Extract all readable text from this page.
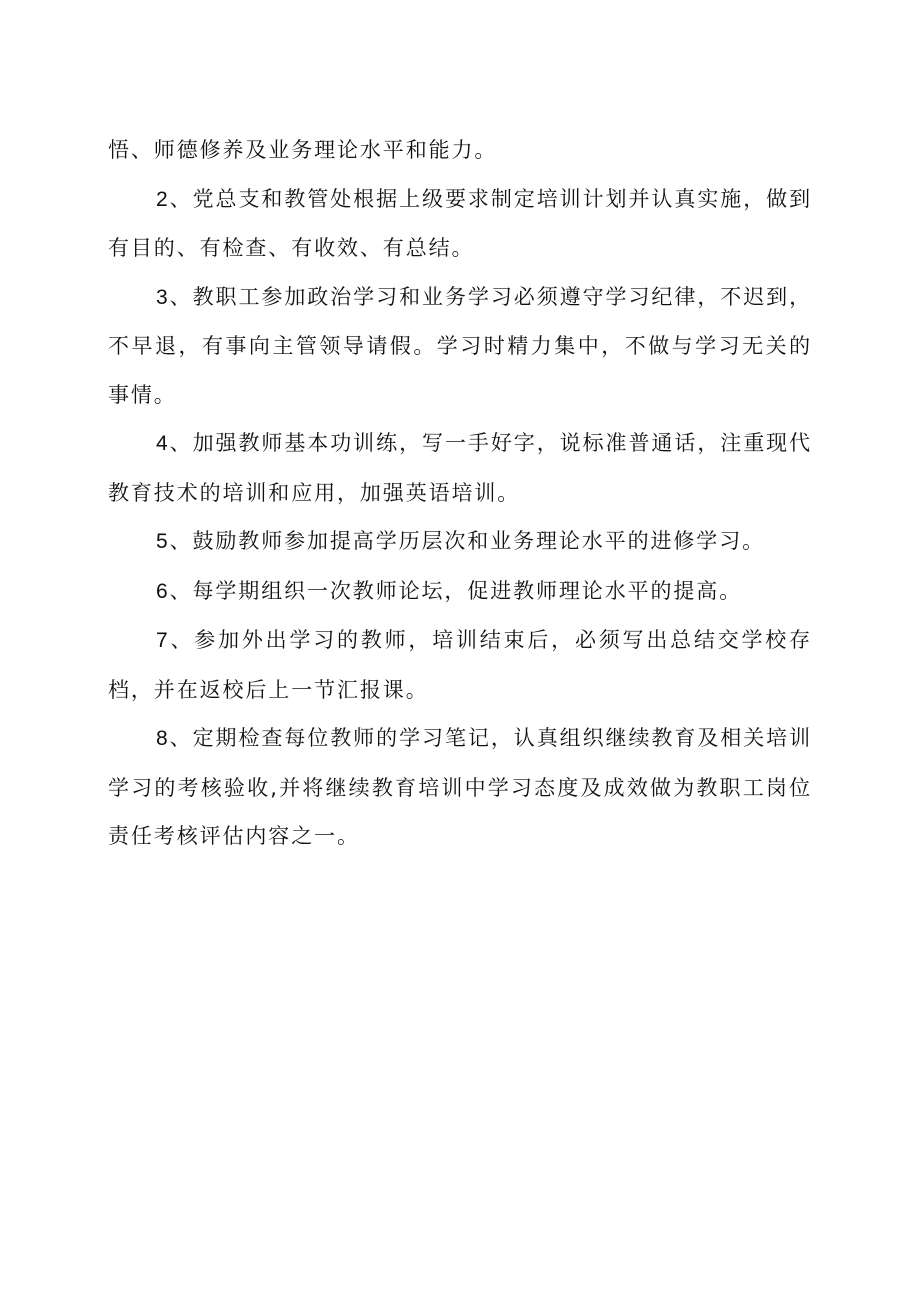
悟、师德修养及业务理论水平和能力。

2、党总支和教管处根据上级要求制定培训计划并认真实施，做到有目的、有检查、有收效、有总结。

3、教职工参加政治学习和业务学习必须遵守学习纪律，不迟到，不早退，有事向主管领导请假。学习时精力集中，不做与学习无关的事情。

4、加强教师基本功训练，写一手好字，说标准普通话，注重现代教育技术的培训和应用，加强英语培训。

5、鼓励教师参加提高学历层次和业务理论水平的进修学习。

6、每学期组织一次教师论坛，促进教师理论水平的提高。

7、参加外出学习的教师，培训结束后，必须写出总结交学校存档，并在返校后上一节汇报课。

8、定期检查每位教师的学习笔记，认真组织继续教育及相关培训学习的考核验收,并将继续教育培训中学习态度及成效做为教职工岗位责任考核评估内容之一。
